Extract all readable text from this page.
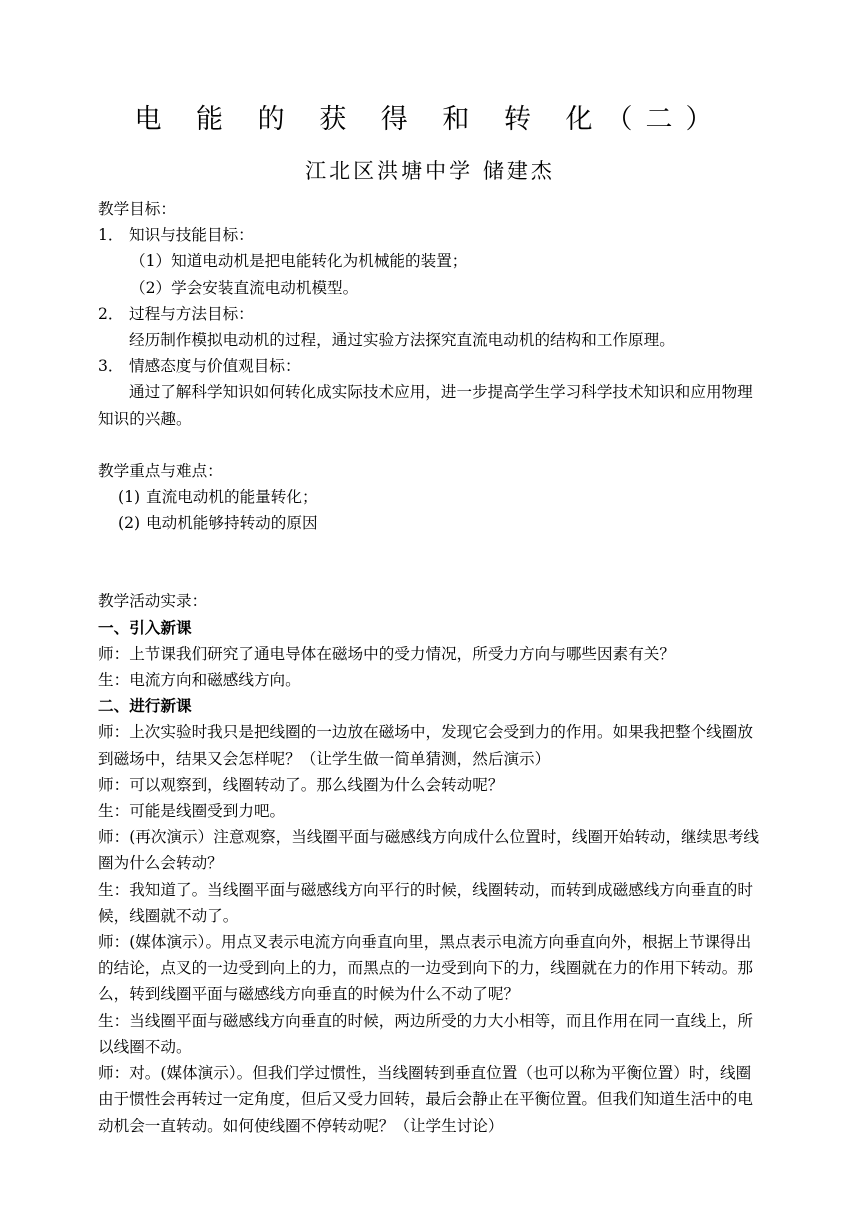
电 能 的 获 得 和 转 化（二）
江北区洪塘中学 储建杰

教学目标：

1． 知识与技能目标：

（1）知道电动机是把电能转化为机械能的装置；

（2）学会安装直流电动机模型。

2． 过程与方法目标：

经历制作模拟电动机的过程，通过实验方法探究直流电动机的结构和工作原理。

3． 情感态度与价值观目标：

通过了解科学知识如何转化成实际技术应用，进一步提高学生学习科学技术知识和应用物理知识的兴趣。

教学重点与难点：

(1) 直流电动机的能量转化；

(2) 电动机能够持转动的原因

教学活动实录：

一、引入新课

师：上节课我们研究了通电导体在磁场中的受力情况，所受力方向与哪些因素有关？

生：电流方向和磁感线方向。

二、进行新课

师：上次实验时我只是把线圈的一边放在磁场中，发现它会受到力的作用。如果我把整个线圈放到磁场中，结果又会怎样呢？（让学生做一简单猜测，然后演示）

师：可以观察到，线圈转动了。那么线圈为什么会转动呢？

生：可能是线圈受到力吧。

师：(再次演示）注意观察，当线圈平面与磁感线方向成什么位置时，线圈开始转动，继续思考线圈为什么会转动？

生：我知道了。当线圈平面与磁感线方向平行的时候，线圈转动，而转到成磁感线方向垂直的时候，线圈就不动了。

师：(媒体演示）。用点叉表示电流方向垂直向里，黑点表示电流方向垂直向外，根据上节课得出的结论，点叉的一边受到向上的力，而黑点的一边受到向下的力，线圈就在力的作用下转动。那么，转到线圈平面与磁感线方向垂直的时候为什么不动了呢？

生：当线圈平面与磁感线方向垂直的时候，两边所受的力大小相等，而且作用在同一直线上，所以线圈不动。

师：对。(媒体演示）。但我们学过惯性，当线圈转到垂直位置（也可以称为平衡位置）时，线圈由于惯性会再转过一定角度，但后又受力回转，最后会静止在平衡位置。但我们知道生活中的电动机会一直转动。如何使线圈不停转动呢？（让学生讨论）
